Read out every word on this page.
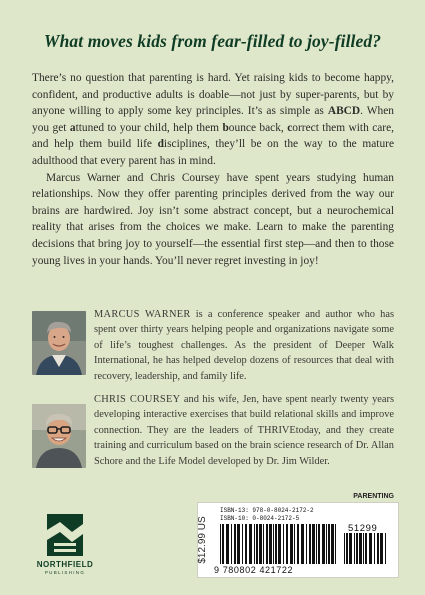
What moves kids from fear-filled to joy-filled?

There’s no question that parenting is hard. Yet raising kids to become happy, confident, and productive adults is doable—not just by super-parents, but by anyone willing to apply some key principles. It’s as simple as ABCD. When you get attuned to your child, help them bounce back, correct them with care, and help them build life disciplines, they’ll be on the way to the mature adulthood that every parent has in mind.

Marcus Warner and Chris Coursey have spent years studying human relationships. Now they offer parenting principles derived from the way our brains are hardwired. Joy isn’t some abstract concept, but a neurochemical reality that arises from the choices we make. Learn to make the parenting decisions that bring joy to yourself—the essential first step—and then to those young lives in your hands. You’ll never regret investing in joy!

MARCUS WARNER is a conference speaker and author who has spent over thirty years helping people and organizations navigate some of life’s toughest challenges. As the president of Deeper Walk International, he has helped develop dozens of resources that deal with recovery, leadership, and family life.
CHRIS COURSEY and his wife, Jen, have spent nearly twenty years developing interactive exercises that build relational skills and improve connection. They are the leaders of THRIVEtoday, and they create training and curriculum based on the brain science research of Dr. Allan Schore and the Life Model developed by Dr. Jim Wilder.
PARENTING
NORTHFIELD
PUBLISHING
$12.99 US
ISBN-13: 978-0-8024-2172-2
ISBN-10: 0-8024-2172-5
9 780802 421722
51299
